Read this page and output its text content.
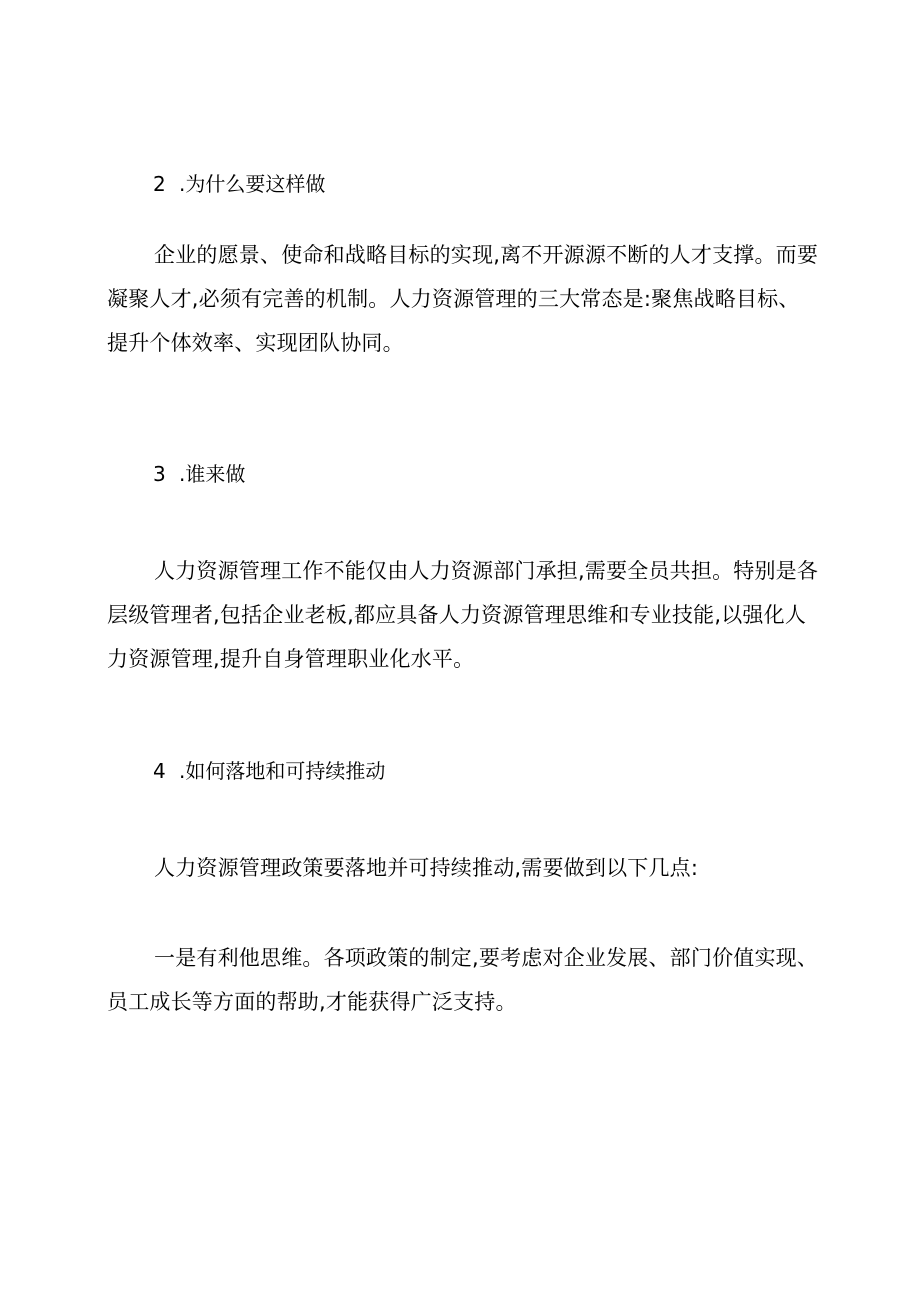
2 .为什么要这样做

企业的愿景、使命和战略目标的实现,离不开源源不断的人才支撑。而要凝聚人才,必须有完善的机制。人力资源管理的三大常态是:聚焦战略目标、提升个体效率、实现团队协同。

3 .谁来做

人力资源管理工作不能仅由人力资源部门承担,需要全员共担。特别是各层级管理者,包括企业老板,都应具备人力资源管理思维和专业技能,以强化人力资源管理,提升自身管理职业化水平。

4 .如何落地和可持续推动

人力资源管理政策要落地并可持续推动,需要做到以下几点:

一是有利他思维。各项政策的制定,要考虑对企业发展、部门价值实现、员工成长等方面的帮助,才能获得广泛支持。
